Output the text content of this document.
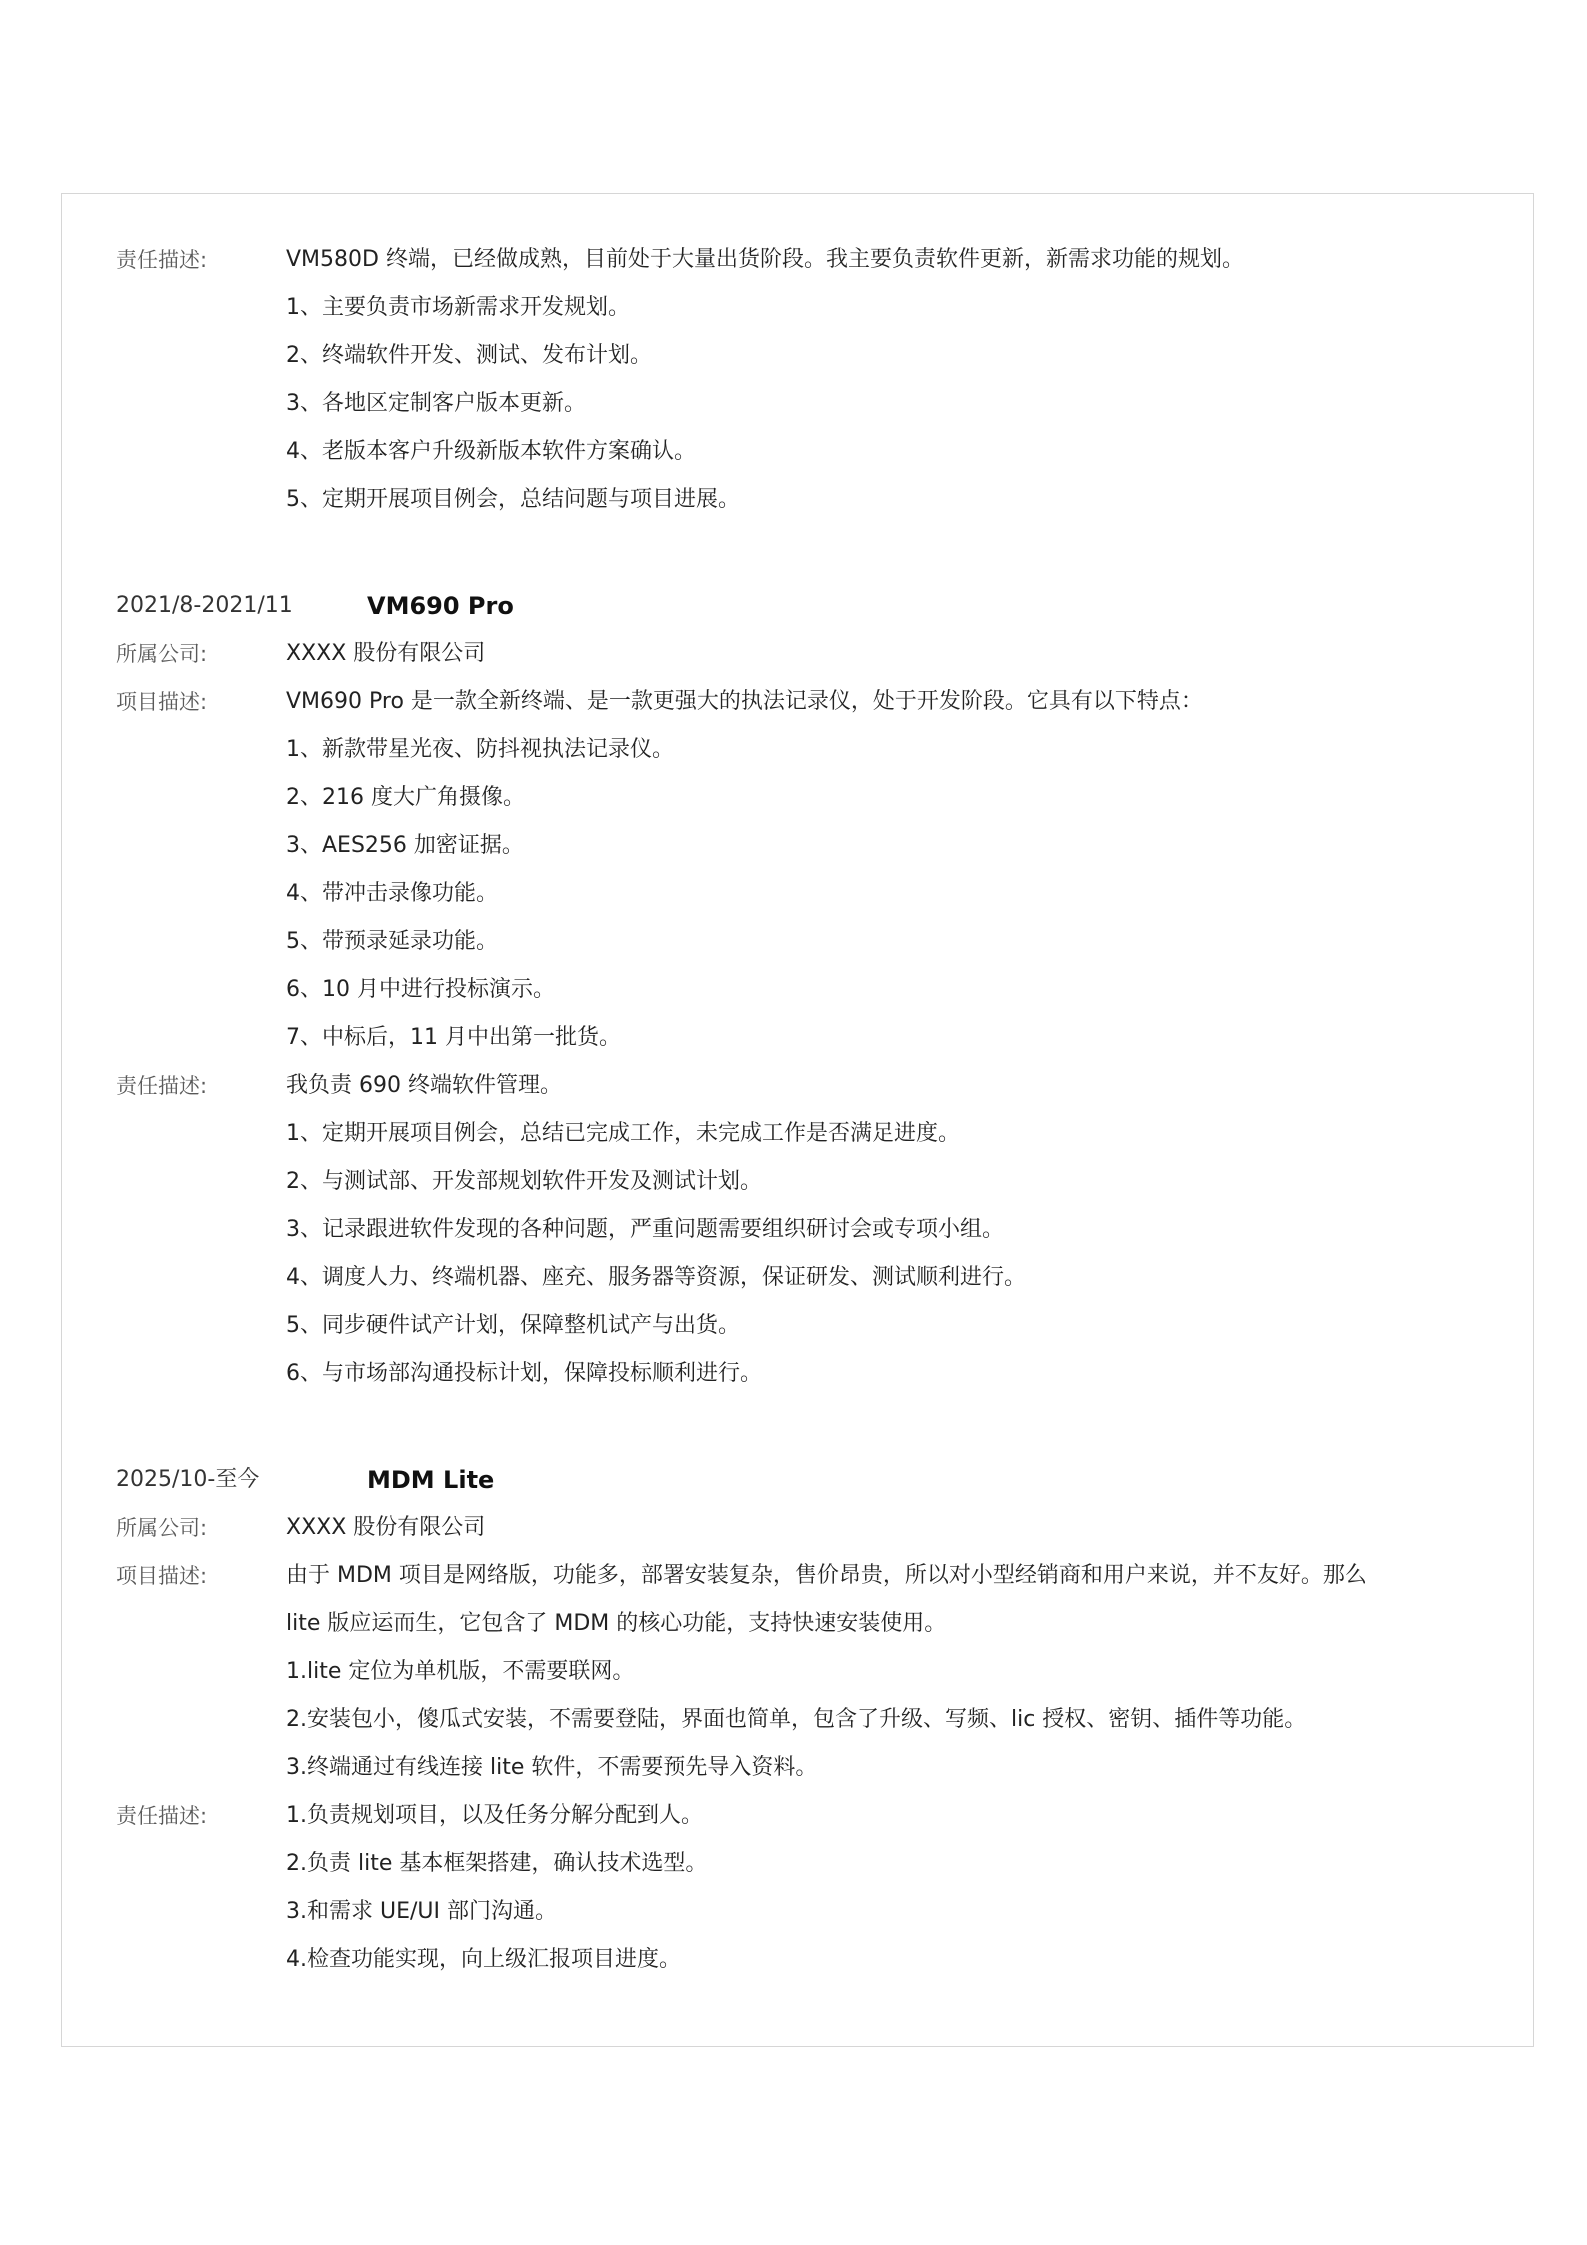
责任描述:	VM580D 终端，已经做成熟，目前处于大量出货阶段。我主要负责软件更新，新需求功能的规划。
1、主要负责市场新需求开发规划。
2、终端软件开发、测试、发布计划。
3、各地区定制客户版本更新。
4、老版本客户升级新版本软件方案确认。
5、定期开展项目例会，总结问题与项目进展。
2021/8-2021/11	VM690 Pro
所属公司:	XXXX 股份有限公司
项目描述:	VM690 Pro 是一款全新终端、是一款更强大的执法记录仪，处于开发阶段。它具有以下特点：
1、新款带星光夜、防抖视执法记录仪。
2、216 度大广角摄像。
3、AES256 加密证据。
4、带冲击录像功能。
5、带预录延录功能。
6、10 月中进行投标演示。
7、中标后，11 月中出第一批货。
责任描述:	我负责 690 终端软件管理。
1、定期开展项目例会，总结已完成工作，未完成工作是否满足进度。
2、与测试部、开发部规划软件开发及测试计划。
3、记录跟进软件发现的各种问题，严重问题需要组织研讨会或专项小组。
4、调度人力、终端机器、座充、服务器等资源，保证研发、测试顺利进行。
5、同步硬件试产计划，保障整机试产与出货。
6、与市场部沟通投标计划，保障投标顺利进行。
2025/10-至今	MDM Lite
所属公司:	XXXX 股份有限公司
项目描述:	由于 MDM 项目是网络版，功能多，部署安装复杂，售价昂贵，所以对小型经销商和用户来说，并不友好。那么
lite 版应运而生，它包含了 MDM 的核心功能，支持快速安装使用。
1.lite 定位为单机版，不需要联网。
2.安装包小，傻瓜式安装，不需要登陆，界面也简单，包含了升级、写频、lic 授权、密钥、插件等功能。
3.终端通过有线连接 lite 软件，不需要预先导入资料。
责任描述:	1.负责规划项目，以及任务分解分配到人。
2.负责 lite 基本框架搭建，确认技术选型。
3.和需求 UE/UI 部门沟通。
4.检查功能实现，向上级汇报项目进度。
